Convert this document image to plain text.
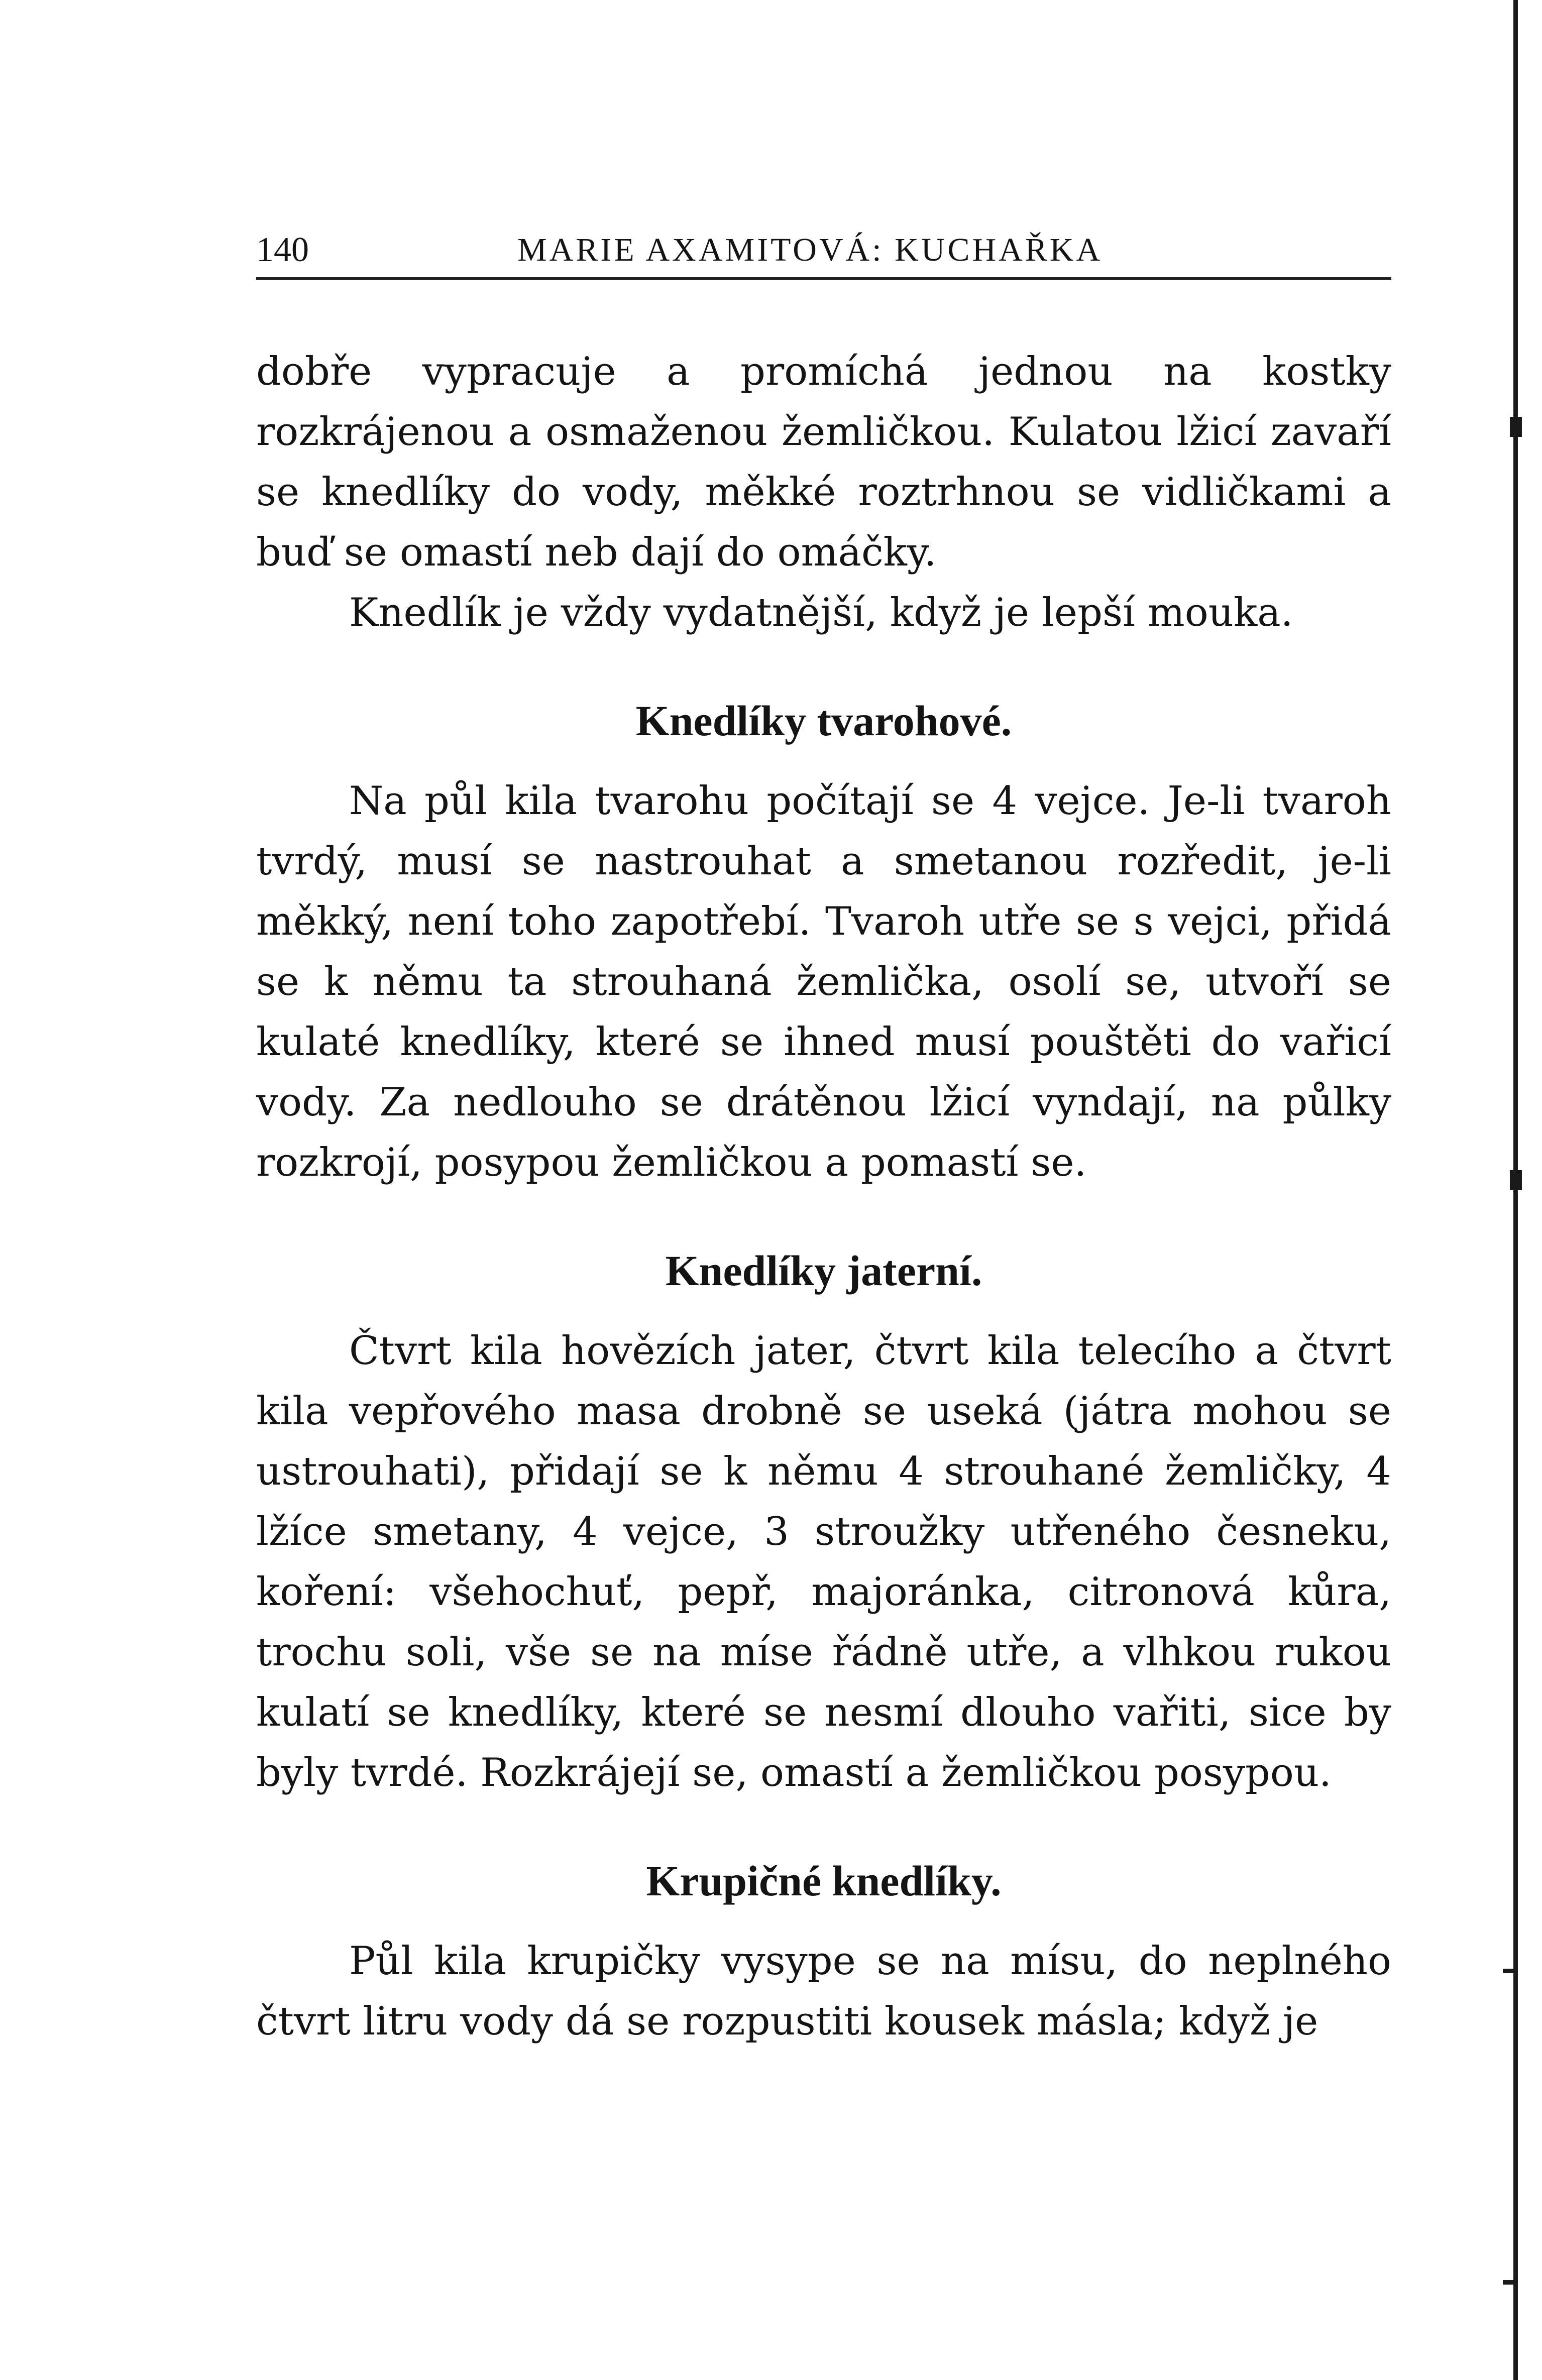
140	MARIE AXAMITOVÁ: KUCHAŘKA

dobře vypracuje a promíchá jednou na kostky rozkrájenou a osmaženou žemličkou. Kulatou lžicí zavaří se knedlíky do vody, měkké roztrhnou se vidličkami a buď se omastí neb dají do omáčky.

Knedlík je vždy vydatnější, když je lepší mouka.

Knedlíky tvarohové.

Na půl kila tvarohu počítají se 4 vejce. Je-li tvaroh tvrdý, musí se nastrouhat a smetanou rozředit, je-li měkký, není toho zapotřebí. Tvaroh utře se s vejci, přidá se k němu ta strouhaná žemlička, osolí se, utvoří se kulaté knedlíky, které se ihned musí pouštěti do vařicí vody. Za nedlouho se drátěnou lžicí vyndají, na půlky rozkrojí, posypou žemličkou a pomastí se.

Knedlíky jaterní.

Čtvrt kila hovězích jater, čtvrt kila telecího a čtvrt kila vepřového masa drobně se useká (játra mohou se ustrouhati), přidají se k němu 4 strouhané žemličky, 4 lžíce smetany, 4 vejce, 3 stroužky utřeného česneku, koření: všehochuť, pepř, majoránka, citronová kůra, trochu soli, vše se na míse řádně utře, a vlhkou rukou kulatí se knedlíky, které se nesmí dlouho vařiti, sice by byly tvrdé. Rozkrájejí se, omastí a žemličkou posypou.

Krupičné knedlíky.

Půl kila krupičky vysype se na mísu, do neplného čtvrt litru vody dá se rozpustiti kousek másla; když je
